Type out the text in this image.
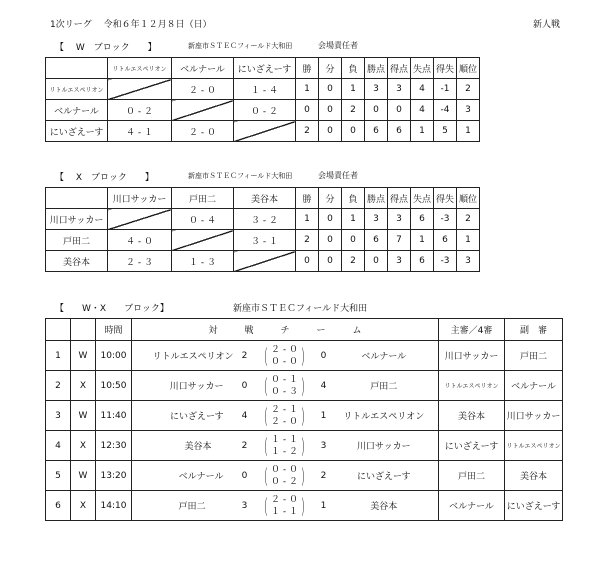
1次リーグ　 令和６年１２月８日（日）	新人戦
【　 W　ブロック　　】	新座市ＳＴＥＣフィールド大和田	会場責任者
	リトルエスペリオン	ベルナール	にいざえーす	勝	分	負	勝点	得点	失点	得失	順位
リトルエスペリオン		２ - ０	１ - ４	1	0	1	3	3	4	-1	2
ベルナール	０ - ２		０ - ２	0	0	2	0	0	4	-4	3
にいざえーす	４ - １	２ - ０		2	0	0	6	6	1	5	1
【　 X　ブロック　　】	新座市ＳＴＥＣフィールド大和田	会場責任者
	川口サッカー	戸田二	美谷本	勝	分	負	勝点	得点	失点	得失	順位
川口サッカー		０ - ４	３ - ２	1	0	1	3	3	6	-3	2
戸田二	４ - ０		３ - １	2	0	0	6	7	1	6	1
美谷本	２ - ３	１ - ３		0	0	2	0	3	6	-3	3
【　　W・X　　ブロック】	新座市ＳＴＥＣフィールド大和田
		時間	対　　　戦　　　チ　　　ー　　　ム					主審／4審	副　審
1	W	10:00	リトルエスペリオン	2	( ２ - ０
０ - ０ )	0	ベルナール	川口サッカー	戸田二
2	X	10:50	川口サッカー	0	( ０ - １
０ - ３ )	4	戸田二	リトルエスペリオン	ベルナール
3	W	11:40	にいざえーす	4	( ２ - １
２ - ０ )	1	リトルエスペリオン	美谷本	川口サッカー
4	X	12:30	美谷本	2	( １ - １
１ - ２ )	3	川口サッカー	にいざえーす	リトルエスペリオン
5	W	13:20	ベルナール	0	( ０ - ０
０ - ２ )	2	にいざえーす	戸田二	美谷本
6	X	14:10	戸田二	3	( ２ - ０
１ - １ )	1	美谷本	ベルナール	にいざえーす
